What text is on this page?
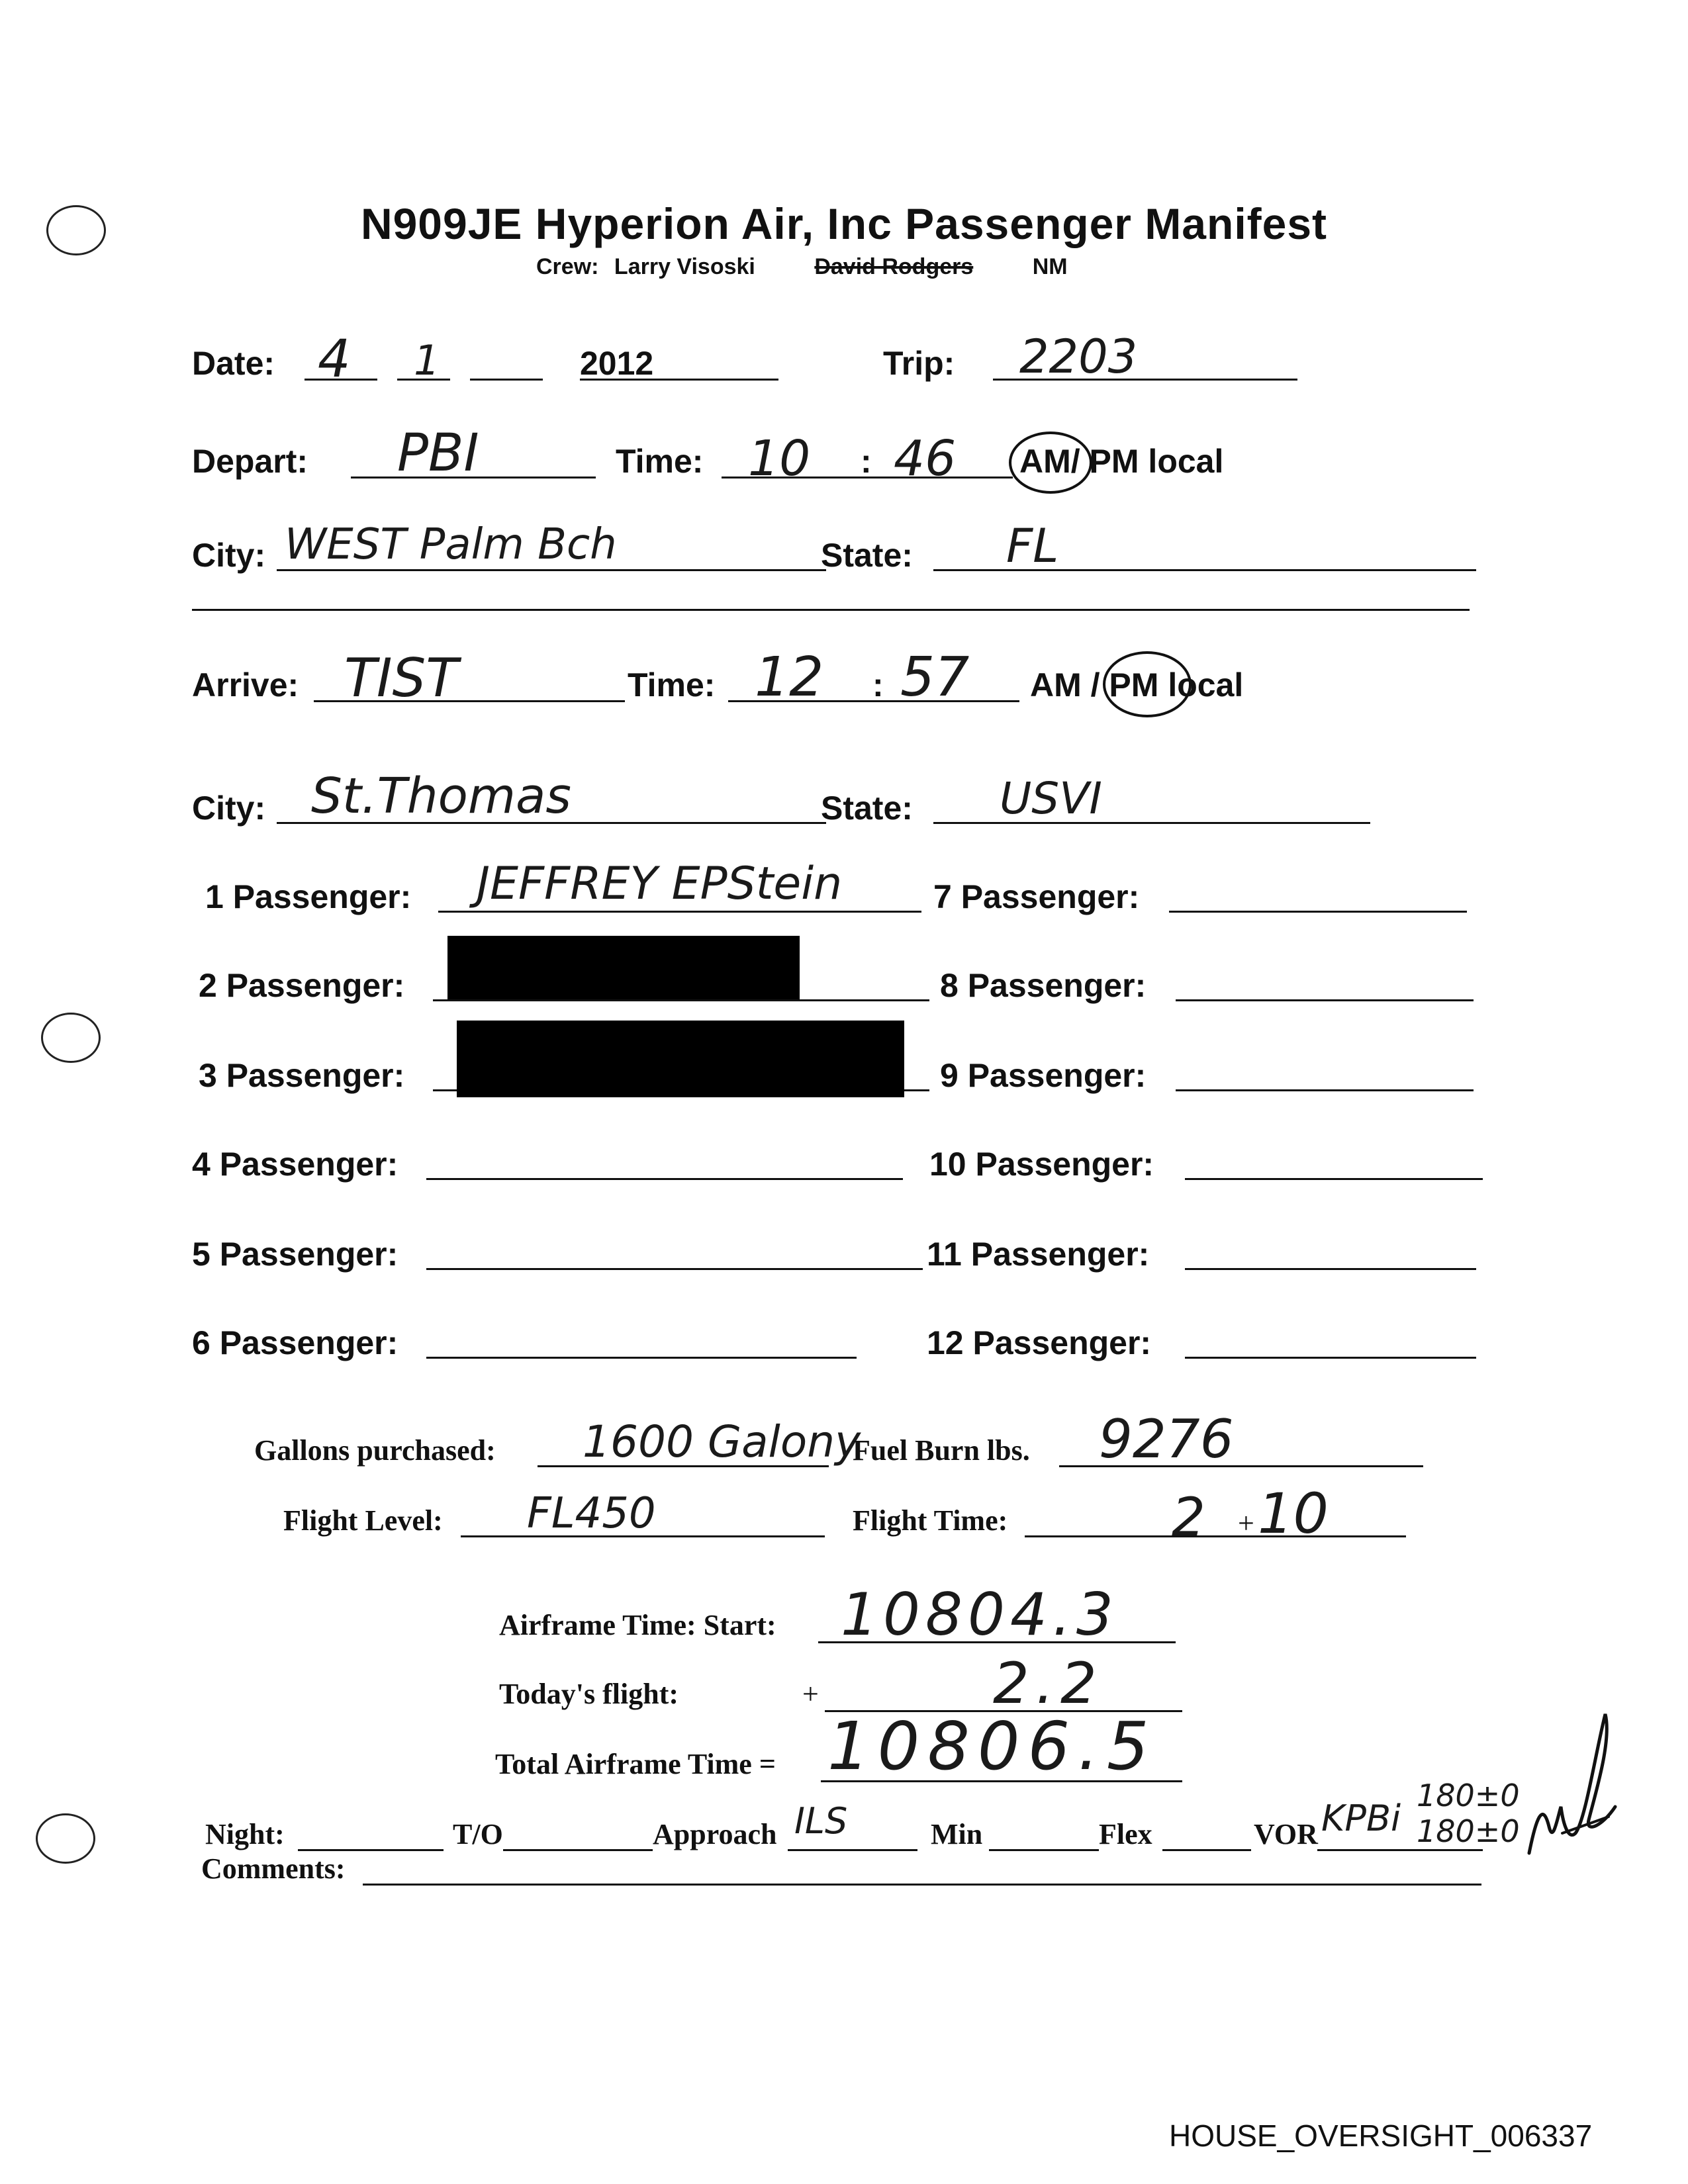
N909JE Hyperion Air, Inc Passenger Manifest
Crew: Larry Visoski	David Rodgers	NM
Date: 4 1	2012	Trip: 2203
Depart: PBI	Time: 10 : 46 AM/ PM local
City: WEST Palm Bch	State: FL
Arrive: TIST	Time: 12 : 57 AM / PM local
City: St.Thomas	State: USVI
1 Passenger: JEFFREY EPStein
2 Passenger:
3 Passenger:
4 Passenger:
5 Passenger:
6 Passenger:
7 Passenger:
8 Passenger:
9 Passenger:
10 Passenger:
11 Passenger:
12 Passenger:
Gallons purchased: 1600 Galony
Fuel Burn lbs. 9276
Flight Level: FL450	Flight Time:	2 + 10
Airframe Time: Start: 10804.3
Today's flight:	+	2.2
Total Airframe Time = 10806.5
Night:	T/O	Approach ILS	Min	Flex	VOR KPBi
180±0
180±0
Comments:
HOUSE_OVERSIGHT_006337
